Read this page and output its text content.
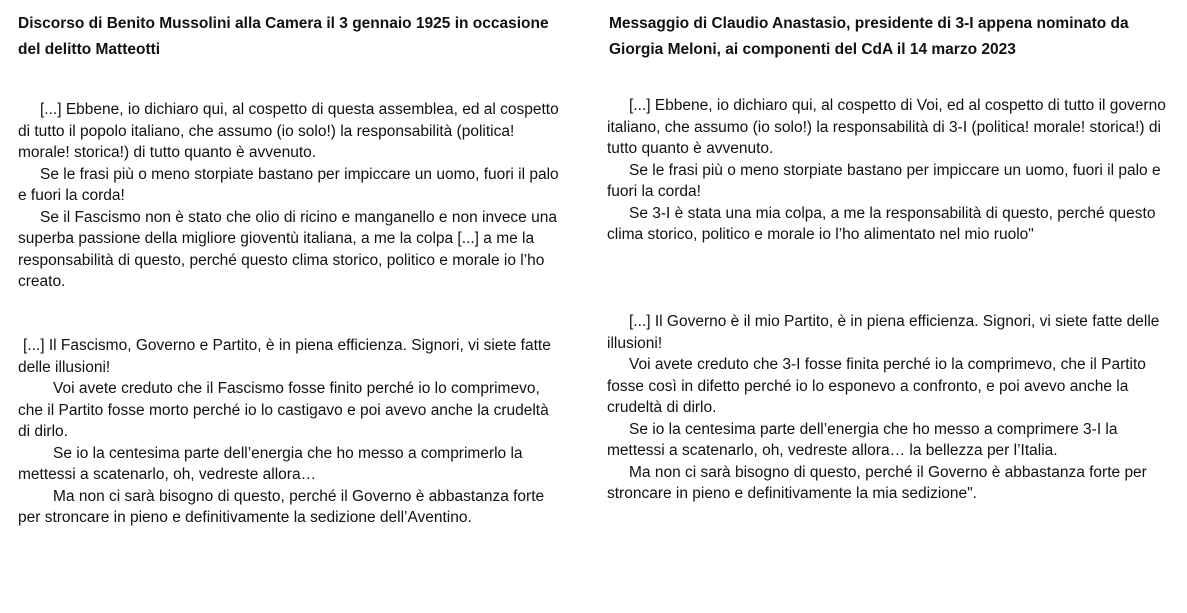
Discorso di Benito Mussolini alla Camera il 3 gennaio 1925 in occasione del delitto Matteotti

[...] Ebbene, io dichiaro qui, al cospetto di questa assemblea, ed al cospetto di tutto il popolo italiano, che assumo (io solo!) la responsabilità (politica! morale! storica!) di tutto quanto è avvenuto.

Se le frasi più o meno storpiate bastano per impiccare un uomo, fuori il palo e fuori la corda!

Se il Fascismo non è stato che olio di ricino e manganello e non invece una superba passione della migliore gioventù italiana, a me la colpa [...] a me la responsabilità di questo, perché questo clima storico, politico e morale io l’ho creato.

[...] Il Fascismo, Governo e Partito, è in piena efficienza. Signori, vi siete fatte delle illusioni!

Voi avete creduto che il Fascismo fosse finito perché io lo comprimevo, che il Partito fosse morto perché io lo castigavo e poi avevo anche la crudeltà di dirlo.

Se io la centesima parte dell’energia che ho messo a comprimerlo la mettessi a scatenarlo, oh, vedreste allora…

Ma non ci sarà bisogno di questo, perché il Governo è abbastanza forte per stroncare in pieno e definitivamente la sedizione dell’Aventino.

Messaggio di Claudio Anastasio, presidente di 3-I appena nominato da Giorgia Meloni, ai componenti del CdA il 14 marzo 2023

[...] Ebbene, io dichiaro qui, al cospetto di Voi, ed al cospetto di tutto il governo italiano, che assumo (io solo!) la responsabilità di 3-I (politica! morale! storica!) di tutto quanto è avvenuto.

Se le frasi più o meno storpiate bastano per impiccare un uomo, fuori il palo e fuori la corda!

Se 3-I è stata una mia colpa, a me la responsabilità di questo, perché questo clima storico, politico e morale io l’ho alimentato nel mio ruolo"

[...] Il Governo è il mio Partito, è in piena efficienza. Signori, vi siete fatte delle illusioni!

Voi avete creduto che 3-I fosse finita perché io la comprimevo, che il Partito fosse così in difetto perché io lo esponevo a confronto, e poi avevo anche la crudeltà di dirlo.

Se io la centesima parte dell’energia che ho messo a comprimere 3-I la mettessi a scatenarlo, oh, vedreste allora… la bellezza per l’Italia.

Ma non ci sarà bisogno di questo, perché il Governo è abbastanza forte per stroncare in pieno e definitivamente la mia sedizione".
